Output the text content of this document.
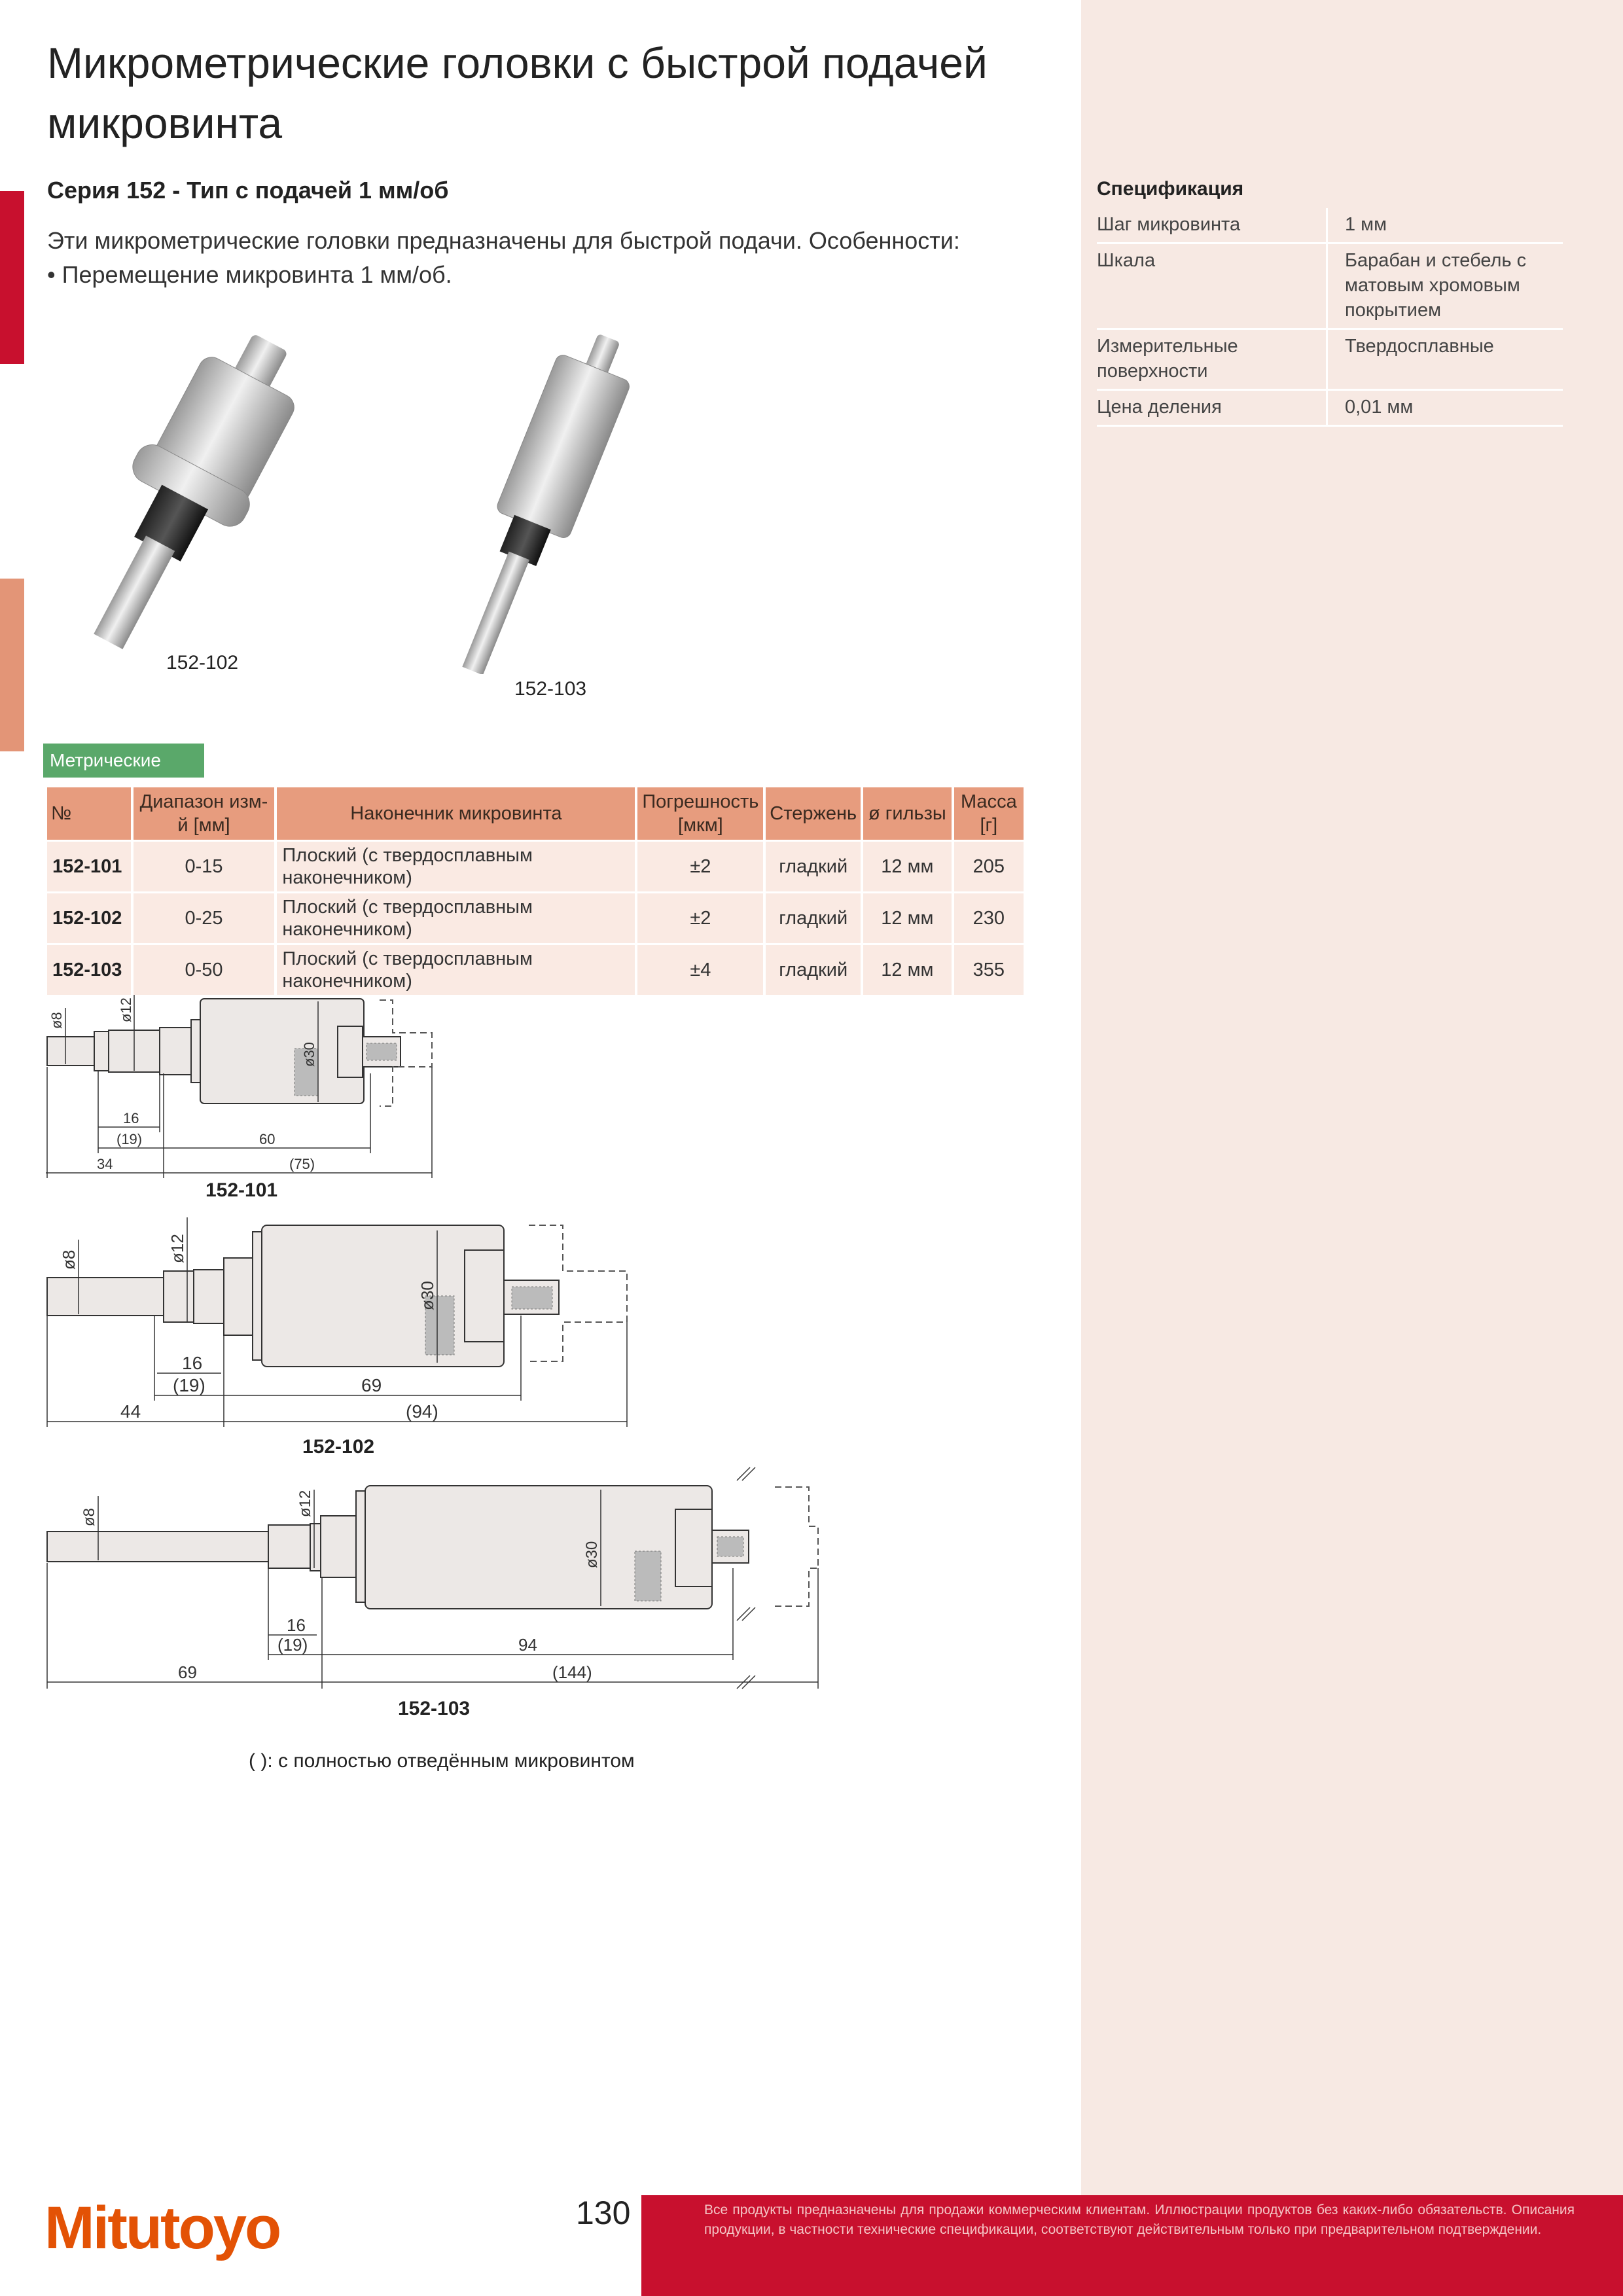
Микрометрические головки с быстрой подачей микровинта
Серия 152 - Тип с подачей 1 мм/об
Эти микрометрические головки предназначены для быстрой подачи. Особенности:
• Перемещение микровинта 1 мм/об.
152-102
152-103
Метрические
№	Диапазон изм-й [мм]	Наконечник микровинта	Погрешность [мкм]	Стержень	ø гильзы	Масса [г]
152-101	0-15	Плоский (с твердосплавным наконечником)	±2	гладкий	12 мм	205
152-102	0-25	Плоский (с твердосплавным наконечником)	±2	гладкий	12 мм	230
152-103	0-50	Плоский (с твердосплавным наконечником)	±4	гладкий	12 мм	355
Спецификация
Шаг микровинта	1 мм
Шкала	Барабан и стебель с матовым хромовым покрытием
Измерительные поверхности	Твердосплавные
Цена деления	0,01 мм
ø8	ø12
ø30
16
(19)	60
34	(75)
152-101
ø8	ø12
ø30
16
(19)	69
44	(94)
152-102
ø8	ø12
ø30
16
(19)	94
69	(144)
152-103
( ): с полностью отведённым микровинтом
Mitutoyo	130	Все продукты предназначены для продажи коммерческим клиентам. Иллюстрации продуктов без каких-либо обязательств. Описания продукции, в частности технические спецификации, соответствуют действительным только при предварительном подтверждении.
